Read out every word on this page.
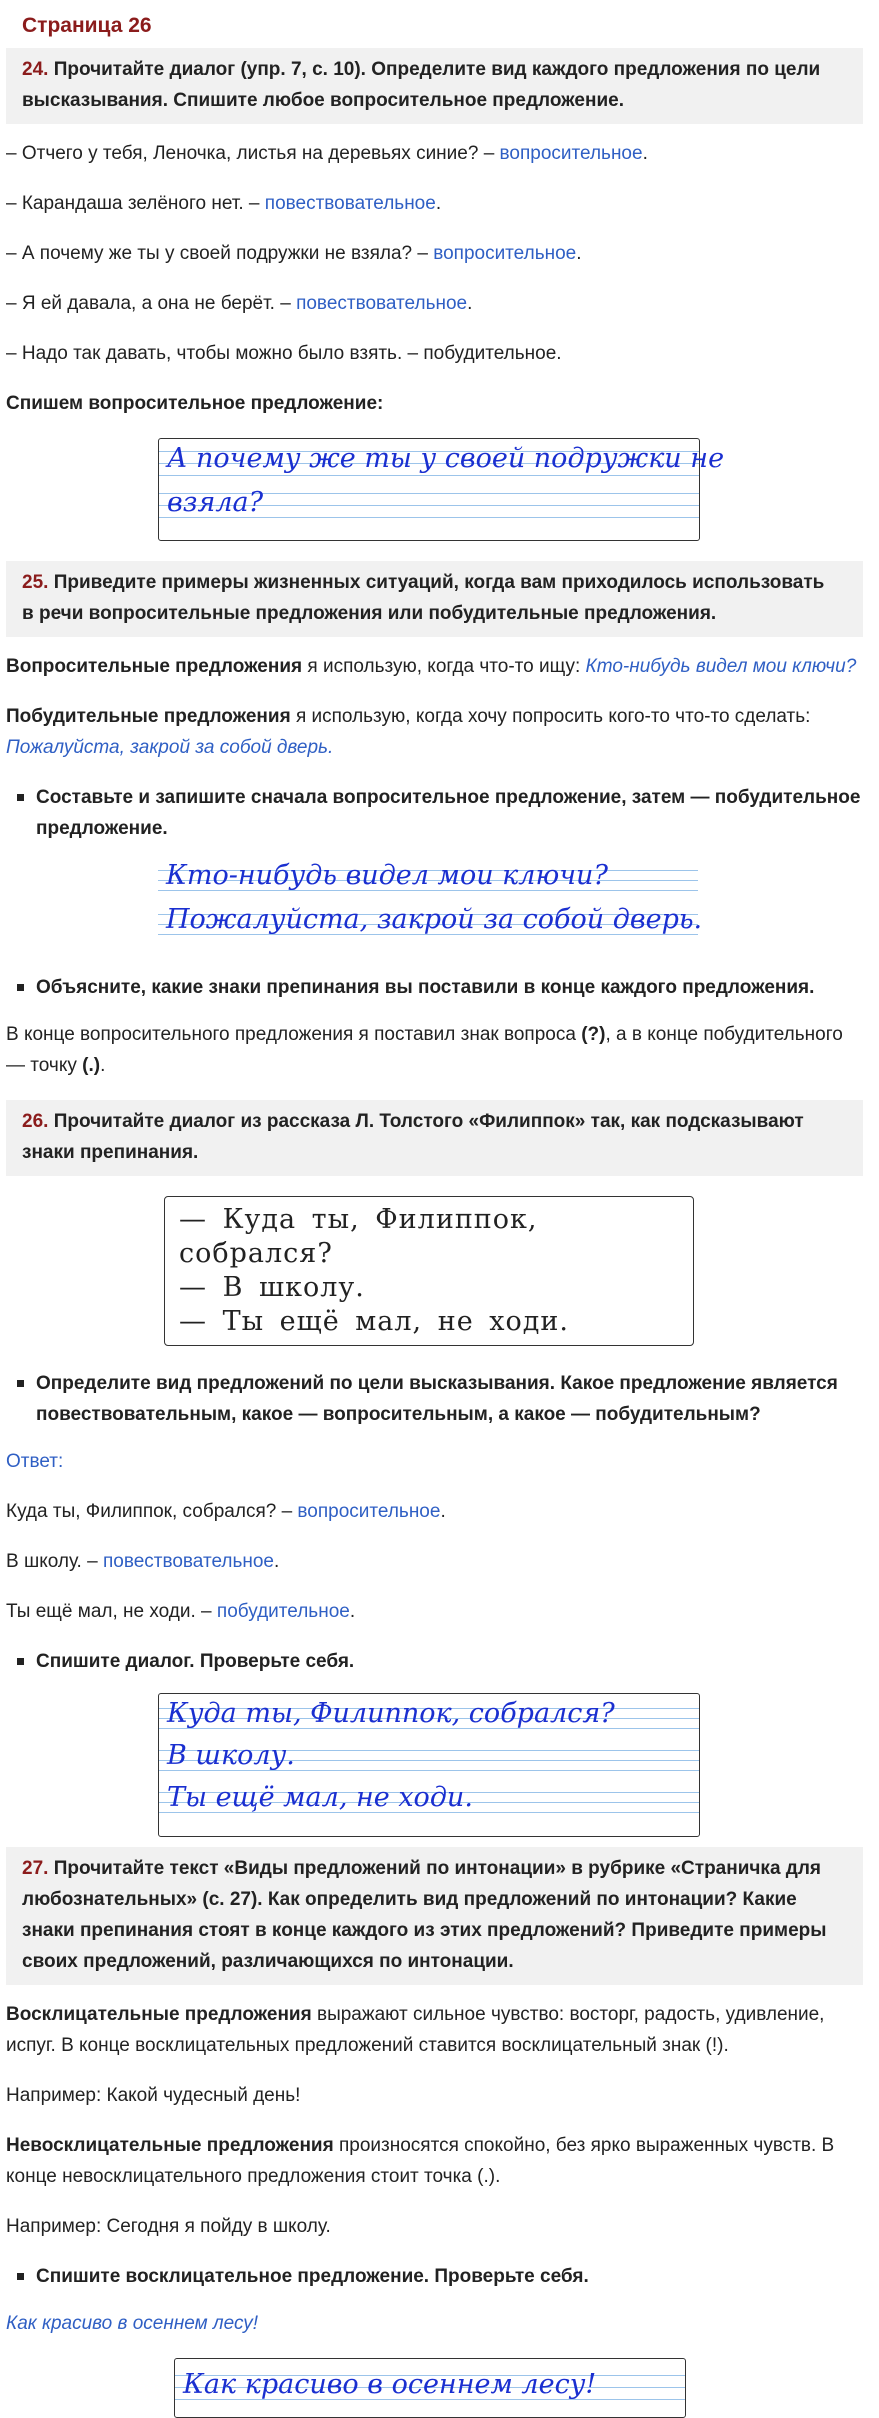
Страница 26
24. Прочитайте диалог (упр. 7, с. 10). Определите вид каждого предложения по цели высказывания. Спишите любое вопросительное предложение.

– Отчего у тебя, Леночка, листья на деревьях синие? – вопросительное.

– Карандаша зелёного нет. – повествовательное.

– А почему же ты у своей подружки не взяла? – вопросительное.

– Я ей давала, а она не берёт. – повествовательное.

– Надо так давать, чтобы можно было взять. – побудительное.

Спишем вопросительное предложение:

А почему же ты у своей подружки не
взяла?
25. Приведите примеры жизненных ситуаций, когда вам приходилось использовать в речи вопросительные предложения или побудительные предложения.

Вопросительные предложения я использую, когда что-то ищу: Кто-нибудь видел мои ключи?

Побудительные предложения я использую, когда хочу попросить кого-то что-то сделать: Пожалуйста, закрой за собой дверь.

Составьте и запишите сначала вопросительное предложение, затем — побудительное предложение.
Кто-нибудь видел мои ключи?
Пожалуйста, закрой за собой дверь.
Объясните, какие знаки препинания вы поставили в конце каждого предложения.

В конце вопросительного предложения я поставил знак вопроса (?), а в конце побудительного — точку (.).

26. Прочитайте диалог из рассказа Л. Толстого «Филиппок» так, как подсказывают знаки препинания.
— Куда ты, Филиппок, собрался?
— В школу.
— Ты ещё мал, не ходи.
Определите вид предложений по цели высказывания. Какое предложение является повествовательным, какое — вопросительным, а какое — побудительным?

Ответ:

Куда ты, Филиппок, собрался? – вопросительное.

В школу. – повествовательное.

Ты ещё мал, не ходи. – побудительное.

Спишите диалог. Проверьте себя.
Куда ты, Филиппок, собрался?
В школу.
Ты ещё мал, не ходи.
27. Прочитайте текст «Виды предложений по интонации» в рубрике «Страничка для любознательных» (с. 27). Как определить вид предложений по интонации? Какие знаки препинания стоят в конце каждого из этих предложений? Приведите примеры своих предложений, различающихся по интонации.

Восклицательные предложения выражают сильное чувство: восторг, радость, удивление, испуг. В конце восклицательных предложений ставится восклицательный знак (!).

Например: Какой чудесный день!

Невосклицательные предложения произносятся спокойно, без ярко выраженных чувств. В конце невосклицательного предложения стоит точка (.).

Например: Сегодня я пойду в школу.

Спишите восклицательное предложение. Проверьте себя.

Как красиво в осеннем лесу!

Как красиво в осеннем лесу!
